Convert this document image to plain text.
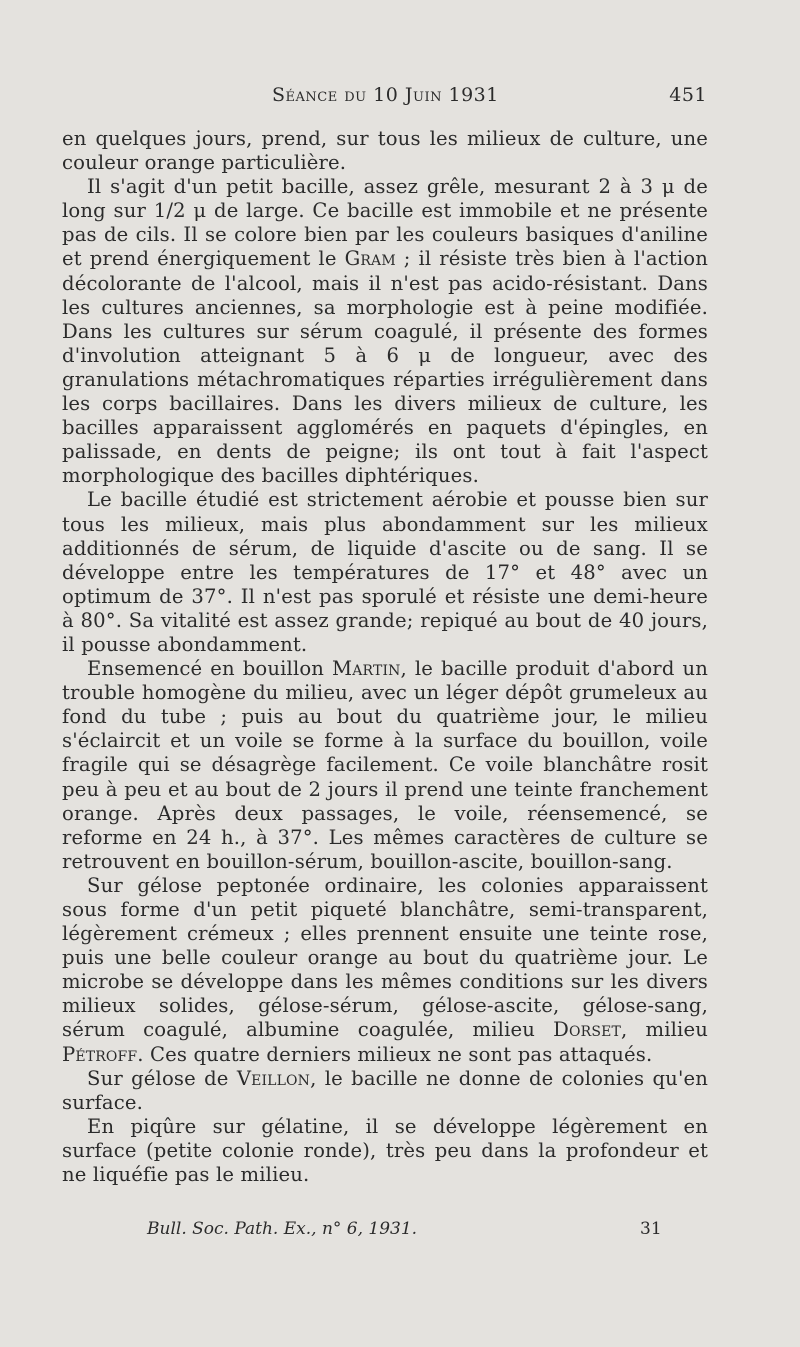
Séance du 10 Juin 1931	451

en quelques jours, prend, sur tous les milieux de culture, une couleur orange particulière.

Il s'agit d'un petit bacille, assez grêle, mesurant 2 à 3 μ de long sur 1/2 μ de large. Ce bacille est immobile et ne présente pas de cils. Il se colore bien par les couleurs basiques d'aniline et prend énergiquement le Gram ; il résiste très bien à l'action décolorante de l'alcool, mais il n'est pas acido-résistant. Dans les cultures anciennes, sa morphologie est à peine modifiée. Dans les cultures sur sérum coagulé, il présente des formes d'involution atteignant 5 à 6 μ de longueur, avec des granulations métachromatiques réparties irrégulièrement dans les corps bacillaires. Dans les divers milieux de culture, les bacilles apparaissent agglomérés en paquets d'épingles, en palissade, en dents de peigne; ils ont tout à fait l'aspect morphologique des bacilles diphtériques.

Le bacille étudié est strictement aérobie et pousse bien sur tous les milieux, mais plus abondamment sur les milieux additionnés de sérum, de liquide d'ascite ou de sang. Il se développe entre les températures de 17° et 48° avec un optimum de 37°. Il n'est pas sporulé et résiste une demi-heure à 80°. Sa vitalité est assez grande; repiqué au bout de 40 jours, il pousse abondamment.

Ensemencé en bouillon Martin, le bacille produit d'abord un trouble homogène du milieu, avec un léger dépôt grumeleux au fond du tube ; puis au bout du quatrième jour, le milieu s'éclaircit et un voile se forme à la surface du bouillon, voile fragile qui se désagrège facilement. Ce voile blanchâtre rosit peu à peu et au bout de 2 jours il prend une teinte franchement orange. Après deux passages, le voile, réensemencé, se reforme en 24 h., à 37°. Les mêmes caractères de culture se retrouvent en bouillon-sérum, bouillon-ascite, bouillon-sang.

Sur gélose peptonée ordinaire, les colonies apparaissent sous forme d'un petit piqueté blanchâtre, semi-transparent, légèrement crémeux ; elles prennent ensuite une teinte rose, puis une belle couleur orange au bout du quatrième jour. Le microbe se développe dans les mêmes conditions sur les divers milieux solides, gélose-sérum, gélose-ascite, gélose-sang, sérum coagulé, albumine coagulée, milieu Dorset, milieu Pétroff. Ces quatre derniers milieux ne sont pas attaqués.

Sur gélose de Veillon, le bacille ne donne de colonies qu'en surface.

En piqûre sur gélatine, il se développe légèrement en surface (petite colonie ronde), très peu dans la profondeur et ne liquéfie pas le milieu.

Bull. Soc. Path. Ex., n° 6, 1931.	31
